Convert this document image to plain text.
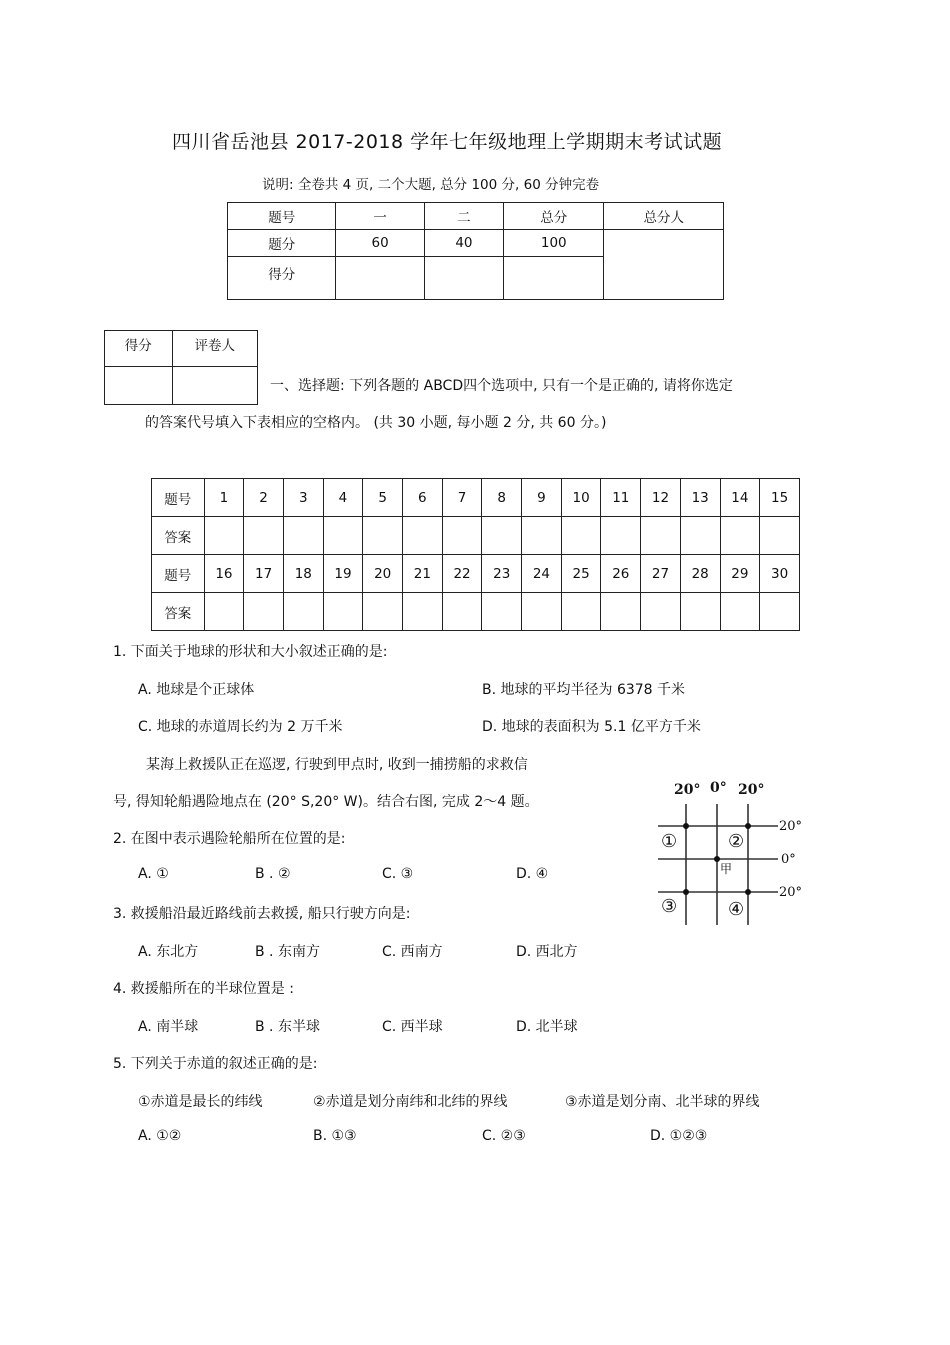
四川省岳池县 2017-2018 学年七年级地理上学期期末考试试题
说明: 全卷共 4 页, 二个大题, 总分 100 分, 60 分钟完卷
题号	一	二	总分	总分人
题分	60	40	100	
得分				
得分	评卷人

一、选择题: 下列各题的 ABCD四个选项中, 只有一个是正确的, 请将你选定
的答案代号填入下表相应的空格内。 (共 30 小题, 每小题 2 分, 共 60 分。)
题号	1	2	3	4	5	6	7	8	9	10	11	12	13	14	15
答案															
题号	16	17	18	19	20	21	22	23	24	25	26	27	28	29	30
答案															
1. 下面关于地球的形状和大小叙述正确的是:
A. 地球是个正球体	B. 地球的平均半径为 6378 千米
C. 地球的赤道周长约为 2 万千米	D. 地球的表面积为 5.1 亿平方千米
某海上救援队正在巡逻, 行驶到甲点时, 收到一捕捞船的求救信
号, 得知轮船遇险地点在 (20° S,20° W)。结合右图, 完成 2～4 题。
2. 在图中表示遇险轮船所在位置的是:
A. ①	B . ②	C. ③	D. ④
3. 救援船沿最近路线前去救援, 船只行驶方向是:
A. 东北方	B . 东南方	C. 西南方	D. 西北方
4. 救援船所在的半球位置是 :
A. 南半球	B . 东半球	C. 西半球	D. 北半球
5. 下列关于赤道的叙述正确的是:
①赤道是最长的纬线	②赤道是划分南纬和北纬的界线	③赤道是划分南、北半球的界线
A. ①②	B. ①③	C. ②③	D. ①②③
20° 0° 20°
20°
0°
20°
①	②
③	④
甲
